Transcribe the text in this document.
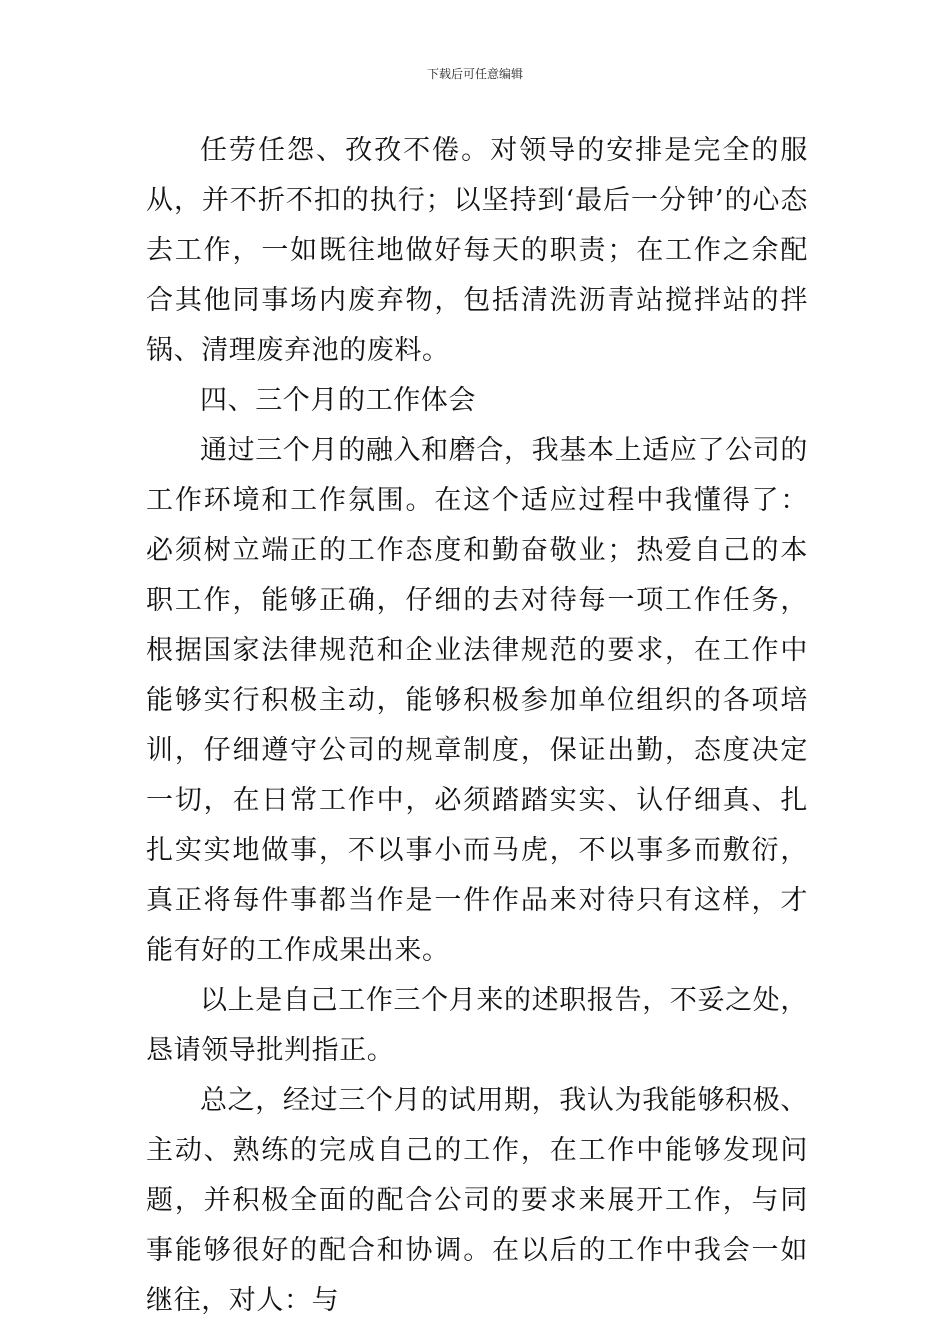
下载后可任意编辑

任劳任怨、孜孜不倦。对领导的安排是完全的服从，并不折不扣的执行；以坚持到‘最后一分钟’的心态去工作，一如既往地做好每天的职责；在工作之余配合其他同事场内废弃物，包括清洗沥青站搅拌站的拌锅、清理废弃池的废料。

四、三个月的工作体会

通过三个月的融入和磨合，我基本上适应了公司的工作环境和工作氛围。在这个适应过程中我懂得了：必须树立端正的工作态度和勤奋敬业；热爱自己的本职工作，能够正确，仔细的去对待每一项工作任务，根据国家法律规范和企业法律规范的要求，在工作中能够实行积极主动，能够积极参加单位组织的各项培训，仔细遵守公司的规章制度，保证出勤，态度决定一切，在日常工作中，必须踏踏实实、认仔细真、扎扎实实地做事，不以事小而马虎，不以事多而敷衍，真正将每件事都当作是一件作品来对待只有这样，才能有好的工作成果出来。

以上是自己工作三个月来的述职报告，不妥之处，恳请领导批判指正。

总之，经过三个月的试用期，我认为我能够积极、主动、熟练的完成自己的工作，在工作中能够发现问题，并积极全面的配合公司的要求来展开工作，与同事能够很好的配合和协调。在以后的工作中我会一如继往，对人：与
